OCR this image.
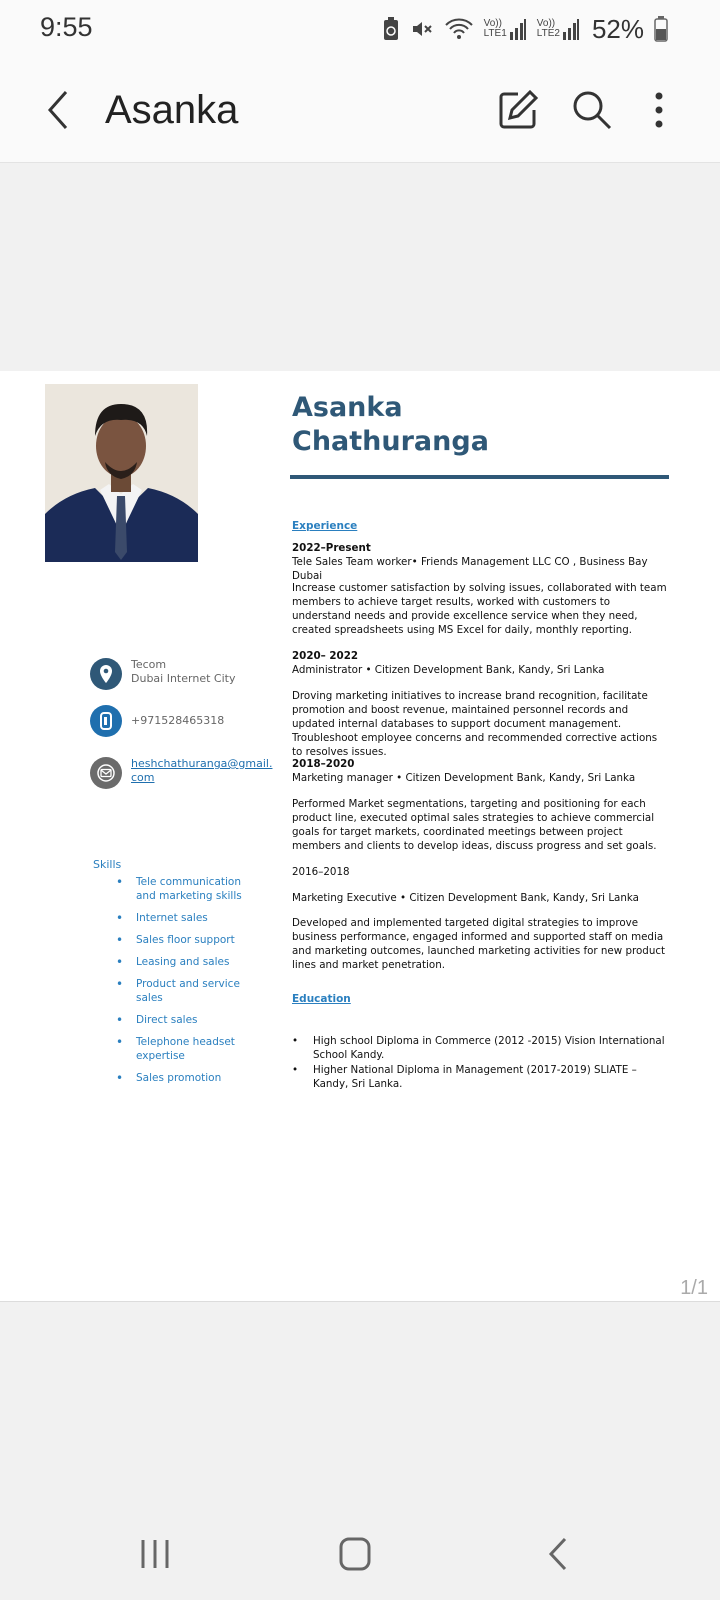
9:55	Vo))
LTE1
Vo))
LTE2 52%
Asanka
Tecom
Dubai Internet City
+971528465318
heshchathuranga@gmail.
com
Skills
• Tele communication and marketing skills
• Internet sales
• Sales floor support
• Leasing and sales
• Product and service sales
• Direct sales
• Telephone headset expertise
• Sales promotion
Asanka
Chathuranga
Experience
2022–Present
Tele Sales Team worker• Friends Management LLC CO , Business Bay Dubai
Increase customer satisfaction by solving issues, collaborated with team members to achieve target results, worked with customers to understand needs and provide excellence service when they need, created spreadsheets using MS Excel for daily, monthly reporting.
2020– 2022
Administrator • Citizen Development Bank, Kandy, Sri Lanka
Droving marketing initiatives to increase brand recognition, facilitate promotion and boost revenue, maintained personnel records and updated internal databases to support document management. Troubleshoot employee concerns and recommended corrective actions to resolves issues.
2018–2020
Marketing manager • Citizen Development Bank, Kandy, Sri Lanka
Performed Market segmentations, targeting and positioning for each product line, executed optimal sales strategies to achieve commercial goals for target markets, coordinated meetings between project members and clients to develop ideas, discuss progress and set goals.
2016–2018
Marketing Executive • Citizen Development Bank, Kandy, Sri Lanka
Developed and implemented targeted digital strategies to improve business performance, engaged informed and supported staff on media and marketing outcomes, launched marketing activities for new product lines and market penetration.
Education
• High school Diploma in Commerce (2012 -2015) Vision International School Kandy.
• Higher National Diploma in Management (2017-2019) SLIATE – Kandy, Sri Lanka.
1/1
